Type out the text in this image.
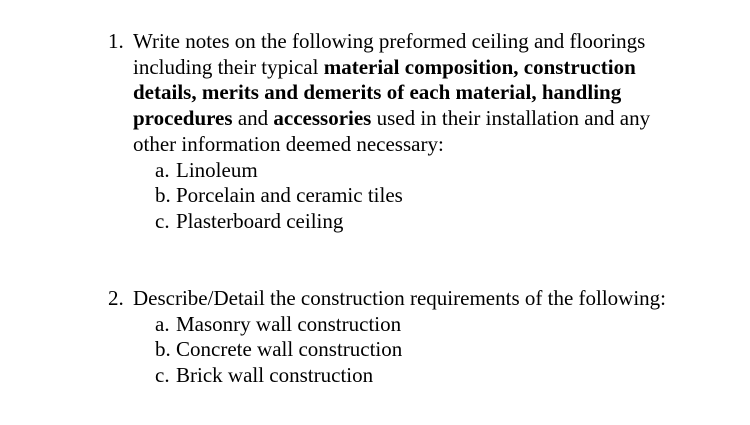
1. Write notes on the following preformed ceiling and floorings including their typical material composition, construction details, merits and demerits of each material, handling procedures and accessories used in their installation and any other information deemed necessary:
a. Linoleum
b. Porcelain and ceramic tiles
c. Plasterboard ceiling
2. Describe/Detail the construction requirements of the following:
a. Masonry wall construction
b. Concrete wall construction
c. Brick wall construction
